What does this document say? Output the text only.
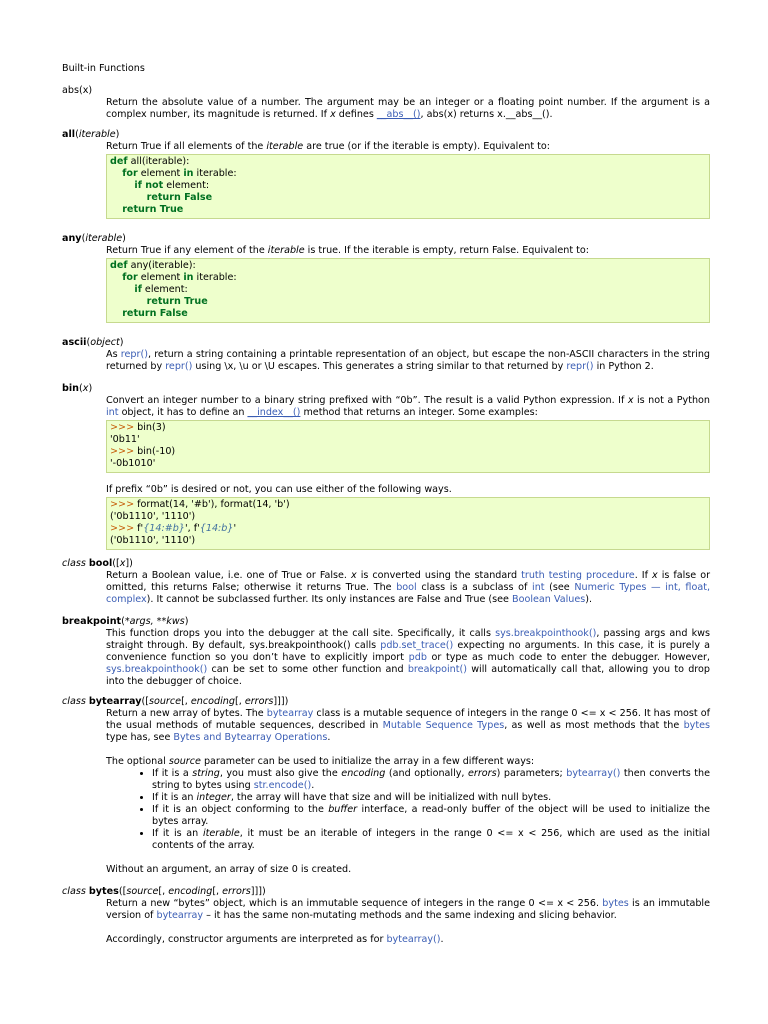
Built-in Functions
abs(x)

Return the absolute value of a number. The argument may be an integer or a floating point number. If the argument is a complex number, its magnitude is returned. If x defines __abs__(), abs(x) returns x.__abs__().

all(iterable)

Return True if all elements of the iterable are true (or if the iterable is empty). Equivalent to:

def all(iterable):
for element in iterable:
if not element:
return False
return True
any(iterable)

Return True if any element of the iterable is true. If the iterable is empty, return False. Equivalent to:

def any(iterable):
for element in iterable:
if element:
return True
return False
ascii(object)

As repr(), return a string containing a printable representation of an object, but escape the non-ASCII characters in the string returned by repr() using \x, \u or \U escapes. This generates a string similar to that returned by repr() in Python 2.

bin(x)

Convert an integer number to a binary string prefixed with “0b”. The result is a valid Python expression. If x is not a Python int object, it has to define an __index__() method that returns an integer. Some examples:

>>> bin(3)
'0b11'
>>> bin(-10)
'-0b1010'

If prefix “0b” is desired or not, you can use either of the following ways.

>>> format(14, '#b'), format(14, 'b')
('0b1110', '1110')
>>> f'{14:#b}', f'{14:b}'
('0b1110', '1110')
class bool([x])

Return a Boolean value, i.e. one of True or False. x is converted using the standard truth testing procedure. If x is false or omitted, this returns False; otherwise it returns True. The bool class is a subclass of int (see Numeric Types — int, float, complex). It cannot be subclassed further. Its only instances are False and True (see Boolean Values).

breakpoint(*args, **kws)

This function drops you into the debugger at the call site. Specifically, it calls sys.breakpointhook(), passing args and kws straight through. By default, sys.breakpointhook() calls pdb.set_trace() expecting no arguments. In this case, it is purely a convenience function so you don’t have to explicitly import pdb or type as much code to enter the debugger. However, sys.breakpointhook() can be set to some other function and breakpoint() will automatically call that, allowing you to drop into the debugger of choice.

class bytearray([source[, encoding[, errors]]])

Return a new array of bytes. The bytearray class is a mutable sequence of integers in the range 0 <= x < 256. It has most of the usual methods of mutable sequences, described in Mutable Sequence Types, as well as most methods that the bytes type has, see Bytes and Bytearray Operations.

The optional source parameter can be used to initialize the array in a few different ways:

• If it is a string, you must also give the encoding (and optionally, errors) parameters; bytearray() then converts the string to bytes using str.encode().
• If it is an integer, the array will have that size and will be initialized with null bytes.
• If it is an object conforming to the buffer interface, a read-only buffer of the object will be used to initialize the bytes array.
• If it is an iterable, it must be an iterable of integers in the range 0 <= x < 256, which are used as the initial contents of the array.

Without an argument, an array of size 0 is created.

class bytes([source[, encoding[, errors]]])

Return a new “bytes” object, which is an immutable sequence of integers in the range 0 <= x < 256. bytes is an immutable version of bytearray – it has the same non-mutating methods and the same indexing and slicing behavior.

Accordingly, constructor arguments are interpreted as for bytearray().
